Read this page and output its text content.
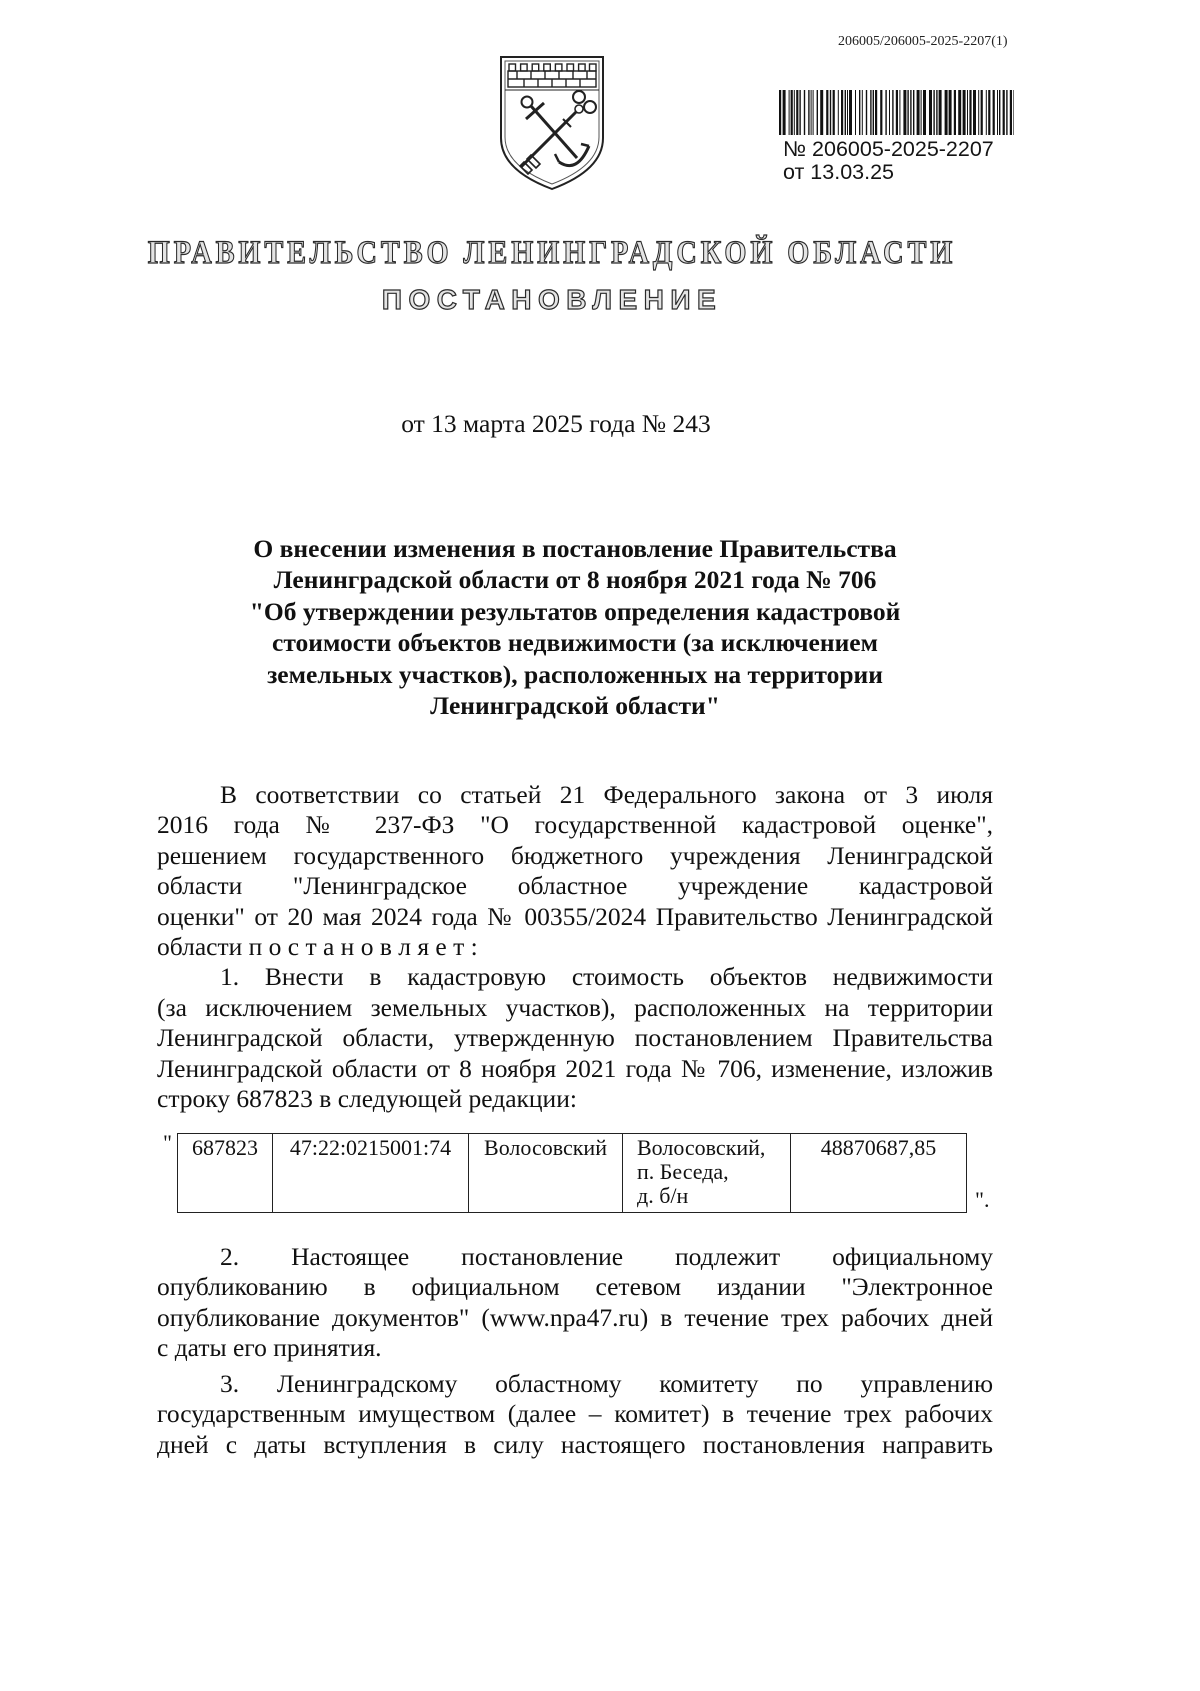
206005/206005-2025-2207(1)
№ 206005-2025-2207
от 13.03.25
ПРАВИТЕЛЬСТВО ЛЕНИНГРАДСКОЙ ОБЛАСТИ
ПОСТАНОВЛЕНИЕ
от 13 марта 2025 года № 243
О внесении изменения в постановление Правительства
Ленинградской области от 8 ноября 2021 года № 706
"Об утверждении результатов определения кадастровой
стоимости объектов недвижимости (за исключением
земельных участков), расположенных на территории
Ленинградской области"
В соответствии со статьей 21 Федерального закона от 3 июля
2016 года № 237-ФЗ "О государственной кадастровой оценке",
решением государственного бюджетного учреждения Ленинградской
области "Ленинградское областное учреждение кадастровой
оценки" от 20 мая 2024 года № 00355/2024 Правительство Ленинградской
области п о с т а н о в л я е т :
1. Внести в кадастровую стоимость объектов недвижимости
(за исключением земельных участков), расположенных на территории
Ленинградской области, утвержденную постановлением Правительства
Ленинградской области от 8 ноября 2021 года № 706, изменение, изложив
строку 687823 в следующей редакции:
" 687823	47:22:0215001:74	Волосовский	Волосовский,
п. Беседа,
д. б/н
	48870687,85
".
2. Настоящее постановление подлежит официальному
опубликованию в официальном сетевом издании "Электронное
опубликование документов" (www.npa47.ru) в течение трех рабочих дней
с даты его принятия.
3. Ленинградскому областному комитету по управлению
государственным имуществом (далее – комитет) в течение трех рабочих
дней с даты вступления в силу настоящего постановления направить
